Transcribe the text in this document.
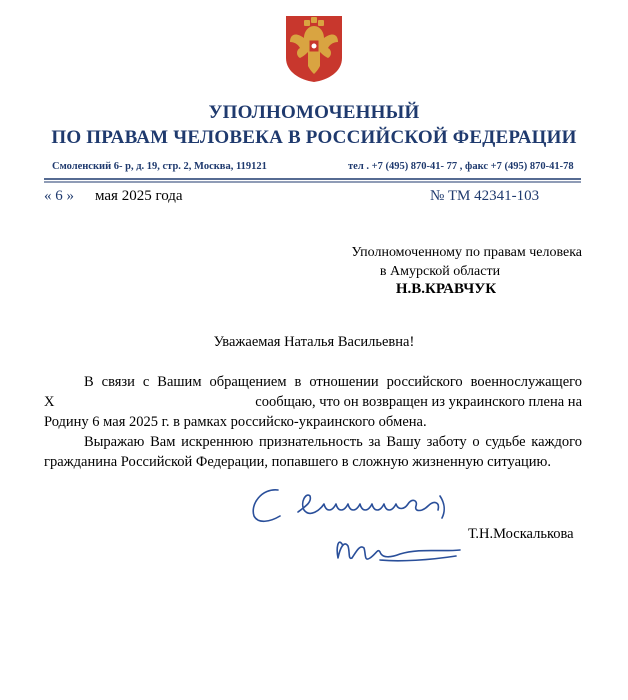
УПОЛНОМОЧЕННЫЙ
ПО ПРАВАМ ЧЕЛОВЕКА В РОССИЙСКОЙ ФЕДЕРАЦИИ
Смоленский 6- р, д. 19, стр. 2, Москва, 119121	тел . +7 (495) 870-41- 77 , факс +7 (495) 870-41-78
« 6 » мая 2025 года	№ ТМ 42341-103
Уполномоченному по правам человека
в Амурской области
Н.В.КРАВЧУК
Уважаемая Наталья Васильевна!
В связи с Вашим обращением в отношении российского военнослужащего
Х	сообщаю, что он возвращен из украинского плена на
Родину 6 мая 2025 г. в рамках российско-украинского обмена.
Выражаю Вам искреннюю признательность за Вашу заботу о судьбе каждого
гражданина Российской Федерации, попавшего в сложную жизненную ситуацию.
Т.Н.Москалькова
